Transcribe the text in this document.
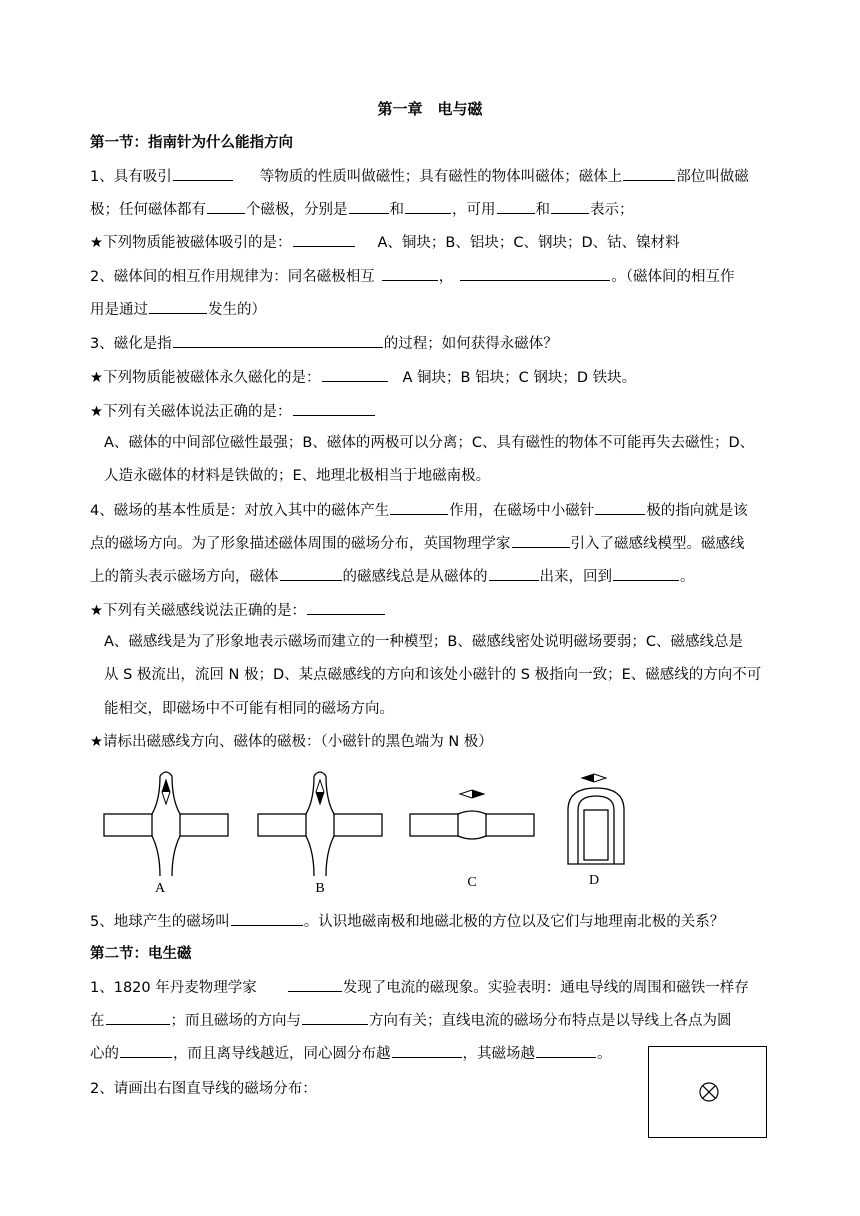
第一章　电与磁
第一节：指南针为什么能指方向
1、具有吸引	等物质的性质叫做磁性；具有磁性的物体叫磁体；磁体上	部位叫做磁
极；任何磁体都有	个磁极，分别是	和	，可用	和	表示；
★下列物质能被磁体吸引的是：	A、铜块；B、铝块；C、钢块；D、钴、镍材料
2、磁体间的相互作用规律为：同名磁极相互	，	。（磁体间的相互作
用是通过	发生的）
3、磁化是指	的过程；如何获得永磁体？
★下列物质能被磁体永久磁化的是：	A 铜块；B 铝块；C 钢块；D 铁块。
★下列有关磁体说法正确的是：
A、磁体的中间部位磁性最强；B、磁体的两极可以分离；C、具有磁性的物体不可能再失去磁性；D、
人造永磁体的材料是铁做的；E、地理北极相当于地磁南极。
4、磁场的基本性质是：对放入其中的磁体产生	作用，在磁场中小磁针	极的指向就是该
点的磁场方向。为了形象描述磁体周围的磁场分布，英国物理学家	引入了磁感线模型。磁感线
上的箭头表示磁场方向，磁体	的磁感线总是从磁体的	出来，回到	。
★下列有关磁感线说法正确的是：
A、磁感线是为了形象地表示磁场而建立的一种模型；B、磁感线密处说明磁场要弱；C、磁感线总是
从 S 极流出，流回 N 极；D、某点磁感线的方向和该处小磁针的 S 极指向一致；E、磁感线的方向不可
能相交，即磁场中不可能有相同的磁场方向。
★请标出磁感线方向、磁体的磁极：（小磁针的黑色端为 N 极）
A	B	C	D
5、地球产生的磁场叫	。认识地磁南极和地磁北极的方位以及它们与地理南北极的关系？
第二节：电生磁
1、1820 年丹麦物理学家	发现了电流的磁现象。实验表明：通电导线的周围和磁铁一样存
在	；而且磁场的方向与	方向有关；直线电流的磁场分布特点是以导线上各点为圆
心的	，而且离导线越近，同心圆分布越	，其磁场越	。
2、请画出右图直导线的磁场分布：
